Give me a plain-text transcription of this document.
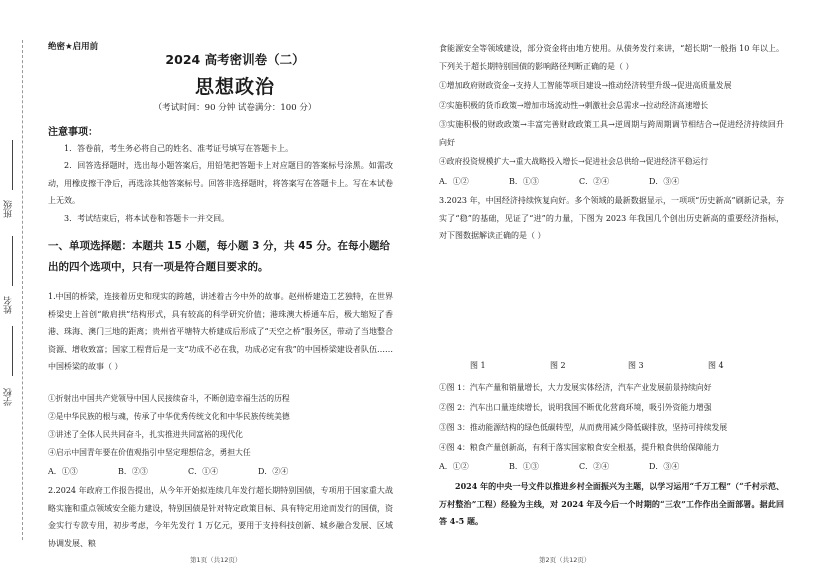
班级
姓名
学校
绝密★启用前
2024 高考密训卷（二）
思想政治
（考试时间：90 分钟 试卷满分：100 分）
注意事项：
1．答卷前，考生务必将自己的姓名、准考证号填写在答题卡上。
2．回答选择题时，选出每小题答案后，用铅笔把答题卡上对应题目的答案标号涂黑。如需改动，用橡皮擦干净后，再选涂其他答案标号。回答非选择题时，将答案写在答题卡上。写在本试卷上无效。
3．考试结束后，将本试卷和答题卡一并交回。
一、单项选择题：本题共 15 小题，每小题 3 分，共 45 分。在每小题给出的四个选项中，只有一项是符合题目要求的。
1.中国的桥梁，连接着历史和现实的跨越，讲述着古今中外的故事。赵州桥建造工艺独特，在世界桥梁史上首创“敞肩拱”结构形式，具有较高的科学研究价值；港珠澳大桥通车后，极大缩短了香港、珠海、澳门三地的距离；贵州省平塘特大桥建成后形成了“天空之桥”服务区，带动了当地整合资源、增收致富；国家工程背后是一支“功成不必在我，功成必定有我”的中国桥梁建设者队伍……中国桥梁的故事（ ）
①折射出中国共产党领导中国人民接续奋斗，不断创造幸福生活的历程
②是中华民族的根与魂，传承了中华优秀传统文化和中华民族传统美德
③讲述了全体人民共同奋斗，扎实推进共同富裕的现代化
④启示中国青年要在价值观指引中坚定理想信念，勇担大任
A．①③	B．②③	C．①④	D．②④
2.2024 年政府工作报告提出，从今年开始拟连续几年发行超长期特别国债，专项用于国家重大战略实施和重点领域安全能力建设，特别国债是针对特定政策目标、具有特定用途而发行的国债，资金实行专款专用，初步考虑，今年先发行 1 万亿元，要用于支持科技创新、城乡融合发展、区域协调发展、粮
第1页（共12页）
食能源安全等领域建设，部分资金将由地方使用。从债务发行来讲，“超长期”一般指 10 年以上。下列关于超长期特别国债的影响路径判断正确的是（ ）
①增加政府财政资金→支持人工智能等项目建设→推动经济转型升级→促进高质量发展
②实施积极的货币政策→增加市场流动性→刺激社会总需求→拉动经济高速增长
③实施积极的财政政策→丰富完善财政政策工具→逆周期与跨周期调节相结合→促进经济持续回升向好
④政府投资规模扩大→重大战略投入增长→促进社会总供给→促进经济平稳运行
A．①②	B．①③	C．②④	D．③④
3.2023 年，中国经济持续恢复向好。多个领域的最新数据显示，一项项“历史新高”刷新记录，夯实了“稳”的基础，见证了“进”的力量，下图为 2023 年我国几个创出历史新高的重要经济指标，对下图数据解读正确的是（ ）
图 1	图 2	图 3	图 4
①图 1：汽车产量和销量增长，大力发展实体经济，汽车产业发展前景持续向好
②图 2：汽车出口量连续增长，说明我国不断优化营商环境，吸引外资能力增强
③图 3：推动能源结构的绿色低碳转型，从而费用减少降低碳排放，坚持可持续发展
④图 4：粮食产量创新高，有利于落实国家粮食安全根基，提升粮食供给保障能力
A．①②	B．①③	C．②④	D．③④
2024 年的中央一号文件以推进乡村全面振兴为主题，以学习运用“千万工程”（“千村示范、万村整治”工程）经验为主线，对 2024 年及今后一个时期的“三农”工作作出全面部署。据此回答 4-5 题。
第2页（共12页）
